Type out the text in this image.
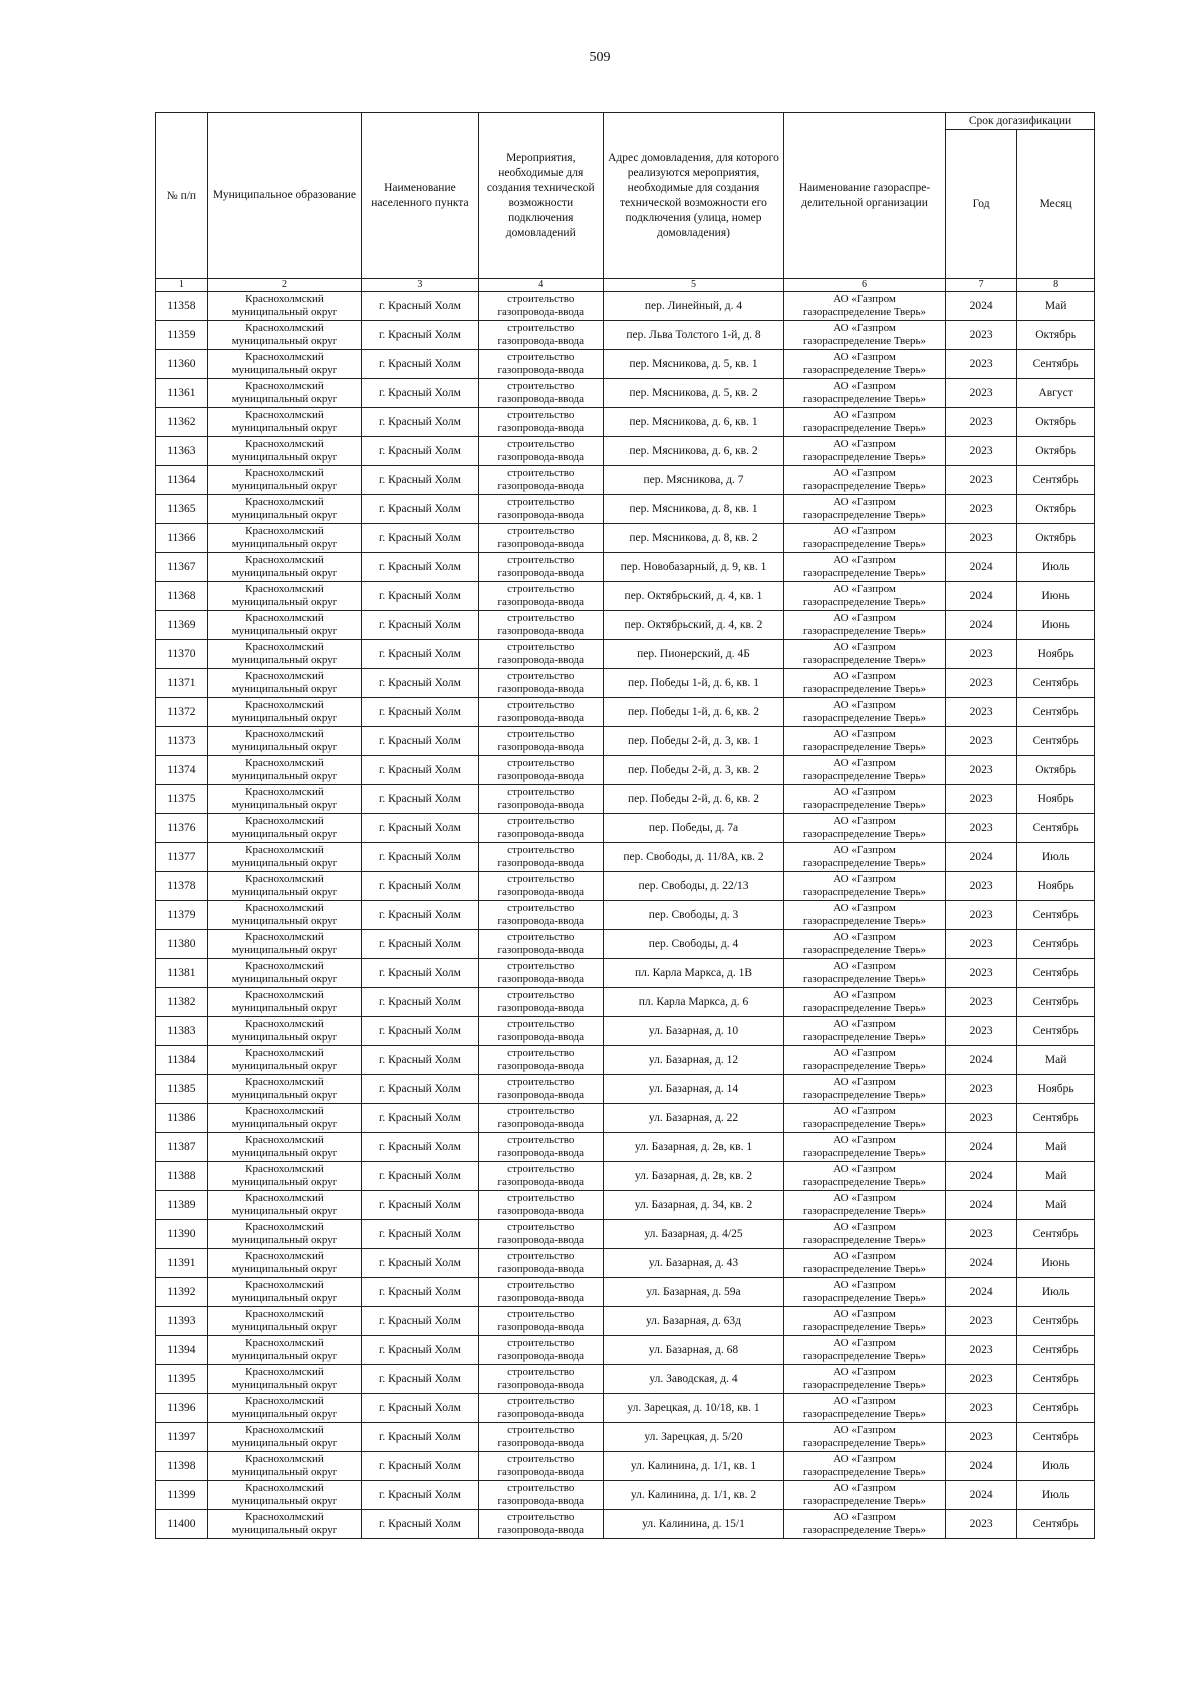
509
№ п/п	Муниципальное образование	Наименование населенного пункта	Мероприятия, необходимые для создания технической возможности подключения домовладений	Адрес домовладения, для которого реализуются мероприятия, необходимые для создания технической возможности его подключения (улица, номер домовладения)	Наименование газораспре-делительной организации	Срок догазификации	
						Год	Месяц
1	2	3	4	5	6	7	8
11358	Краснохолмский
муниципальный округ	г. Красный Холм	строительство
газопровода-ввода	пер. Линейный, д. 4	АО «Газпром
газораспределение Тверь»	2024	Май
11359	Краснохолмский
муниципальный округ	г. Красный Холм	строительство
газопровода-ввода	пер. Льва Толстого 1-й, д. 8	АО «Газпром
газораспределение Тверь»	2023	Октябрь
11360	Краснохолмский
муниципальный округ	г. Красный Холм	строительство
газопровода-ввода	пер. Мясникова, д. 5, кв. 1	АО «Газпром
газораспределение Тверь»	2023	Сентябрь
11361	Краснохолмский
муниципальный округ	г. Красный Холм	строительство
газопровода-ввода	пер. Мясникова, д. 5, кв. 2	АО «Газпром
газораспределение Тверь»	2023	Август
11362	Краснохолмский
муниципальный округ	г. Красный Холм	строительство
газопровода-ввода	пер. Мясникова, д. 6, кв. 1	АО «Газпром
газораспределение Тверь»	2023	Октябрь
11363	Краснохолмский
муниципальный округ	г. Красный Холм	строительство
газопровода-ввода	пер. Мясникова, д. 6, кв. 2	АО «Газпром
газораспределение Тверь»	2023	Октябрь
11364	Краснохолмский
муниципальный округ	г. Красный Холм	строительство
газопровода-ввода	пер. Мясникова, д. 7	АО «Газпром
газораспределение Тверь»	2023	Сентябрь
11365	Краснохолмский
муниципальный округ	г. Красный Холм	строительство
газопровода-ввода	пер. Мясникова, д. 8, кв. 1	АО «Газпром
газораспределение Тверь»	2023	Октябрь
11366	Краснохолмский
муниципальный округ	г. Красный Холм	строительство
газопровода-ввода	пер. Мясникова, д. 8, кв. 2	АО «Газпром
газораспределение Тверь»	2023	Октябрь
11367	Краснохолмский
муниципальный округ	г. Красный Холм	строительство
газопровода-ввода	пер. Новобазарный, д. 9, кв. 1	АО «Газпром
газораспределение Тверь»	2024	Июль
11368	Краснохолмский
муниципальный округ	г. Красный Холм	строительство
газопровода-ввода	пер. Октябрьский, д. 4, кв. 1	АО «Газпром
газораспределение Тверь»	2024	Июнь
11369	Краснохолмский
муниципальный округ	г. Красный Холм	строительство
газопровода-ввода	пер. Октябрьский, д. 4, кв. 2	АО «Газпром
газораспределение Тверь»	2024	Июнь
11370	Краснохолмский
муниципальный округ	г. Красный Холм	строительство
газопровода-ввода	пер. Пионерский, д. 4Б	АО «Газпром
газораспределение Тверь»	2023	Ноябрь
11371	Краснохолмский
муниципальный округ	г. Красный Холм	строительство
газопровода-ввода	пер. Победы 1-й, д. 6, кв. 1	АО «Газпром
газораспределение Тверь»	2023	Сентябрь
11372	Краснохолмский
муниципальный округ	г. Красный Холм	строительство
газопровода-ввода	пер. Победы 1-й, д. 6, кв. 2	АО «Газпром
газораспределение Тверь»	2023	Сентябрь
11373	Краснохолмский
муниципальный округ	г. Красный Холм	строительство
газопровода-ввода	пер. Победы 2-й, д. 3, кв. 1	АО «Газпром
газораспределение Тверь»	2023	Сентябрь
11374	Краснохолмский
муниципальный округ	г. Красный Холм	строительство
газопровода-ввода	пер. Победы 2-й, д. 3, кв. 2	АО «Газпром
газораспределение Тверь»	2023	Октябрь
11375	Краснохолмский
муниципальный округ	г. Красный Холм	строительство
газопровода-ввода	пер. Победы 2-й, д. 6, кв. 2	АО «Газпром
газораспределение Тверь»	2023	Ноябрь
11376	Краснохолмский
муниципальный округ	г. Красный Холм	строительство
газопровода-ввода	пер. Победы, д. 7а	АО «Газпром
газораспределение Тверь»	2023	Сентябрь
11377	Краснохолмский
муниципальный округ	г. Красный Холм	строительство
газопровода-ввода	пер. Свободы, д. 11/8А, кв. 2	АО «Газпром
газораспределение Тверь»	2024	Июль
11378	Краснохолмский
муниципальный округ	г. Красный Холм	строительство
газопровода-ввода	пер. Свободы, д. 22/13	АО «Газпром
газораспределение Тверь»	2023	Ноябрь
11379	Краснохолмский
муниципальный округ	г. Красный Холм	строительство
газопровода-ввода	пер. Свободы, д. 3	АО «Газпром
газораспределение Тверь»	2023	Сентябрь
11380	Краснохолмский
муниципальный округ	г. Красный Холм	строительство
газопровода-ввода	пер. Свободы, д. 4	АО «Газпром
газораспределение Тверь»	2023	Сентябрь
11381	Краснохолмский
муниципальный округ	г. Красный Холм	строительство
газопровода-ввода	пл. Карла Маркса, д. 1В	АО «Газпром
газораспределение Тверь»	2023	Сентябрь
11382	Краснохолмский
муниципальный округ	г. Красный Холм	строительство
газопровода-ввода	пл. Карла Маркса, д. 6	АО «Газпром
газораспределение Тверь»	2023	Сентябрь
11383	Краснохолмский
муниципальный округ	г. Красный Холм	строительство
газопровода-ввода	ул. Базарная, д. 10	АО «Газпром
газораспределение Тверь»	2023	Сентябрь
11384	Краснохолмский
муниципальный округ	г. Красный Холм	строительство
газопровода-ввода	ул. Базарная, д. 12	АО «Газпром
газораспределение Тверь»	2024	Май
11385	Краснохолмский
муниципальный округ	г. Красный Холм	строительство
газопровода-ввода	ул. Базарная, д. 14	АО «Газпром
газораспределение Тверь»	2023	Ноябрь
11386	Краснохолмский
муниципальный округ	г. Красный Холм	строительство
газопровода-ввода	ул. Базарная, д. 22	АО «Газпром
газораспределение Тверь»	2023	Сентябрь
11387	Краснохолмский
муниципальный округ	г. Красный Холм	строительство
газопровода-ввода	ул. Базарная, д. 2в, кв. 1	АО «Газпром
газораспределение Тверь»	2024	Май
11388	Краснохолмский
муниципальный округ	г. Красный Холм	строительство
газопровода-ввода	ул. Базарная, д. 2в, кв. 2	АО «Газпром
газораспределение Тверь»	2024	Май
11389	Краснохолмский
муниципальный округ	г. Красный Холм	строительство
газопровода-ввода	ул. Базарная, д. 34, кв. 2	АО «Газпром
газораспределение Тверь»	2024	Май
11390	Краснохолмский
муниципальный округ	г. Красный Холм	строительство
газопровода-ввода	ул. Базарная, д. 4/25	АО «Газпром
газораспределение Тверь»	2023	Сентябрь
11391	Краснохолмский
муниципальный округ	г. Красный Холм	строительство
газопровода-ввода	ул. Базарная, д. 43	АО «Газпром
газораспределение Тверь»	2024	Июнь
11392	Краснохолмский
муниципальный округ	г. Красный Холм	строительство
газопровода-ввода	ул. Базарная, д. 59а	АО «Газпром
газораспределение Тверь»	2024	Июль
11393	Краснохолмский
муниципальный округ	г. Красный Холм	строительство
газопровода-ввода	ул. Базарная, д. 63д	АО «Газпром
газораспределение Тверь»	2023	Сентябрь
11394	Краснохолмский
муниципальный округ	г. Красный Холм	строительство
газопровода-ввода	ул. Базарная, д. 68	АО «Газпром
газораспределение Тверь»	2023	Сентябрь
11395	Краснохолмский
муниципальный округ	г. Красный Холм	строительство
газопровода-ввода	ул. Заводская, д. 4	АО «Газпром
газораспределение Тверь»	2023	Сентябрь
11396	Краснохолмский
муниципальный округ	г. Красный Холм	строительство
газопровода-ввода	ул. Зарецкая, д. 10/18, кв. 1	АО «Газпром
газораспределение Тверь»	2023	Сентябрь
11397	Краснохолмский
муниципальный округ	г. Красный Холм	строительство
газопровода-ввода	ул. Зарецкая, д. 5/20	АО «Газпром
газораспределение Тверь»	2023	Сентябрь
11398	Краснохолмский
муниципальный округ	г. Красный Холм	строительство
газопровода-ввода	ул. Калинина, д. 1/1, кв. 1	АО «Газпром
газораспределение Тверь»	2024	Июль
11399	Краснохолмский
муниципальный округ	г. Красный Холм	строительство
газопровода-ввода	ул. Калинина, д. 1/1, кв. 2	АО «Газпром
газораспределение Тверь»	2024	Июль
11400	Краснохолмский
муниципальный округ	г. Красный Холм	строительство
газопровода-ввода	ул. Калинина, д. 15/1	АО «Газпром
газораспределение Тверь»	2023	Сентябрь
